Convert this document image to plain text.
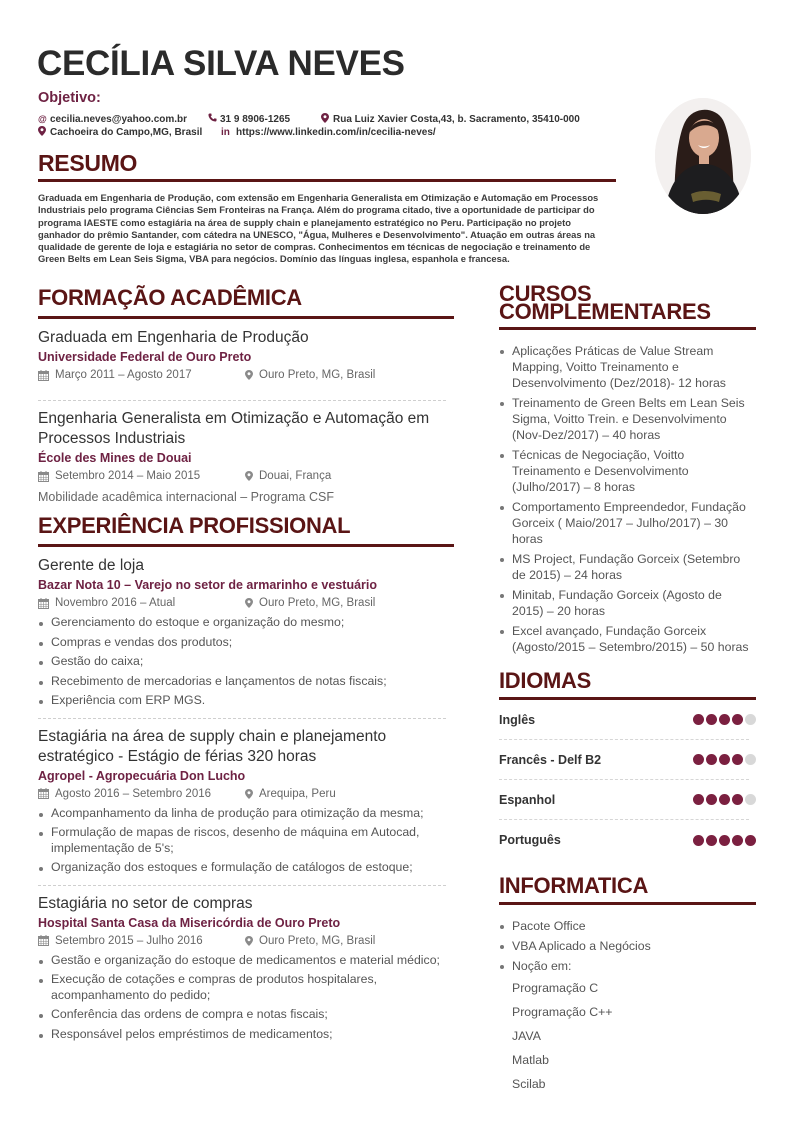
CECÍLIA SILVA NEVES
Objetivo:
@ cecilia.neves@yahoo.com.br	31 9 8906-1265	Rua Luiz Xavier Costa,43, b. Sacramento, 35410-000
Cachoeira do Campo,MG, Brasil in https://www.linkedin.com/in/cecilia-neves/
RESUMO

Graduada em Engenharia de Produção, com extensão em Engenharia Generalista em Otimização e Automação em Processos Industriais pelo programa Ciências Sem Fronteiras na França. Além do programa citado, tive a oportunidade de participar do programa IAESTE como estagiária na área de supply chain e planejamento estratégico no Peru. Participação no projeto ganhador do prêmio Santander, com cátedra na UNESCO, "Água, Mulheres e Desenvolvimento". Atuação em outras áreas na qualidade de gerente de loja e estagiária no setor de compras. Conhecimentos em técnicas de negociação e treinamento de Green Belts em Lean Seis Sigma, VBA para negócios. Domínio das línguas inglesa, espanhola e francesa.

FORMAÇÃO ACADÊMICA
Graduada em Engenharia de Produção
Universidade Federal de Ouro Preto
Março 2011 – Agosto 2017	Ouro Preto, MG, Brasil
Engenharia Generalista em Otimização e Automação em Processos Industriais
École des Mines de Douai
Setembro 2014 – Maio 2015	Douai, França
Mobilidade acadêmica internacional – Programa CSF
EXPERIÊNCIA PROFISSIONAL
Gerente de loja
Bazar Nota 10 – Varejo no setor de armarinho e vestuário
Novembro 2016 – Atual	Ouro Preto, MG, Brasil
Gerenciamento do estoque e organização do mesmo;
Compras e vendas dos produtos;
Gestão do caixa;
Recebimento de mercadorias e lançamentos de notas fiscais;
Experiência com ERP MGS.
Estagiária na área de supply chain e planejamento estratégico - Estágio de férias 320 horas
Agropel - Agropecuária Don Lucho
Agosto 2016 – Setembro 2016	Arequipa, Peru
Acompanhamento da linha de produção para otimização da mesma;
Formulação de mapas de riscos, desenho de máquina em Autocad, implementação de 5's;
Organização dos estoques e formulação de catálogos de estoque;
Estagiária no setor de compras
Hospital Santa Casa da Misericórdia de Ouro Preto
Setembro 2015 – Julho 2016	Ouro Preto, MG, Brasil
Gestão e organização do estoque de medicamentos e material médico;
Execução de cotações e compras de produtos hospitalares, acompanhamento do pedido;
Conferência das ordens de compra e notas fiscais;
Responsável pelos empréstimos de medicamentos;
CURSOS
COMPLEMENTARES
Aplicações Práticas de Value Stream Mapping, Voitto Treinamento e Desenvolvimento (Dez/2018)- 12 horas
Treinamento de Green Belts em Lean Seis Sigma, Voitto Trein. e Desenvolvimento (Nov-Dez/2017) – 40 horas
Técnicas de Negociação, Voitto Treinamento e Desenvolvimento (Julho/2017) – 8 horas
Comportamento Empreendedor, Fundação Gorceix ( Maio/2017 – Julho/2017) – 30 horas
MS Project, Fundação Gorceix (Setembro de 2015) – 24 horas
Minitab, Fundação Gorceix (Agosto de 2015) – 20 horas
Excel avançado, Fundação Gorceix (Agosto/2015 – Setembro/2015) – 50 horas
IDIOMAS
Inglês
Francês - Delf B2
Espanhol
Português
INFORMATICA
Pacote Office
VBA Aplicado a Negócios
Noção em:
Programação C
Programação C++
JAVA
Matlab
Scilab
